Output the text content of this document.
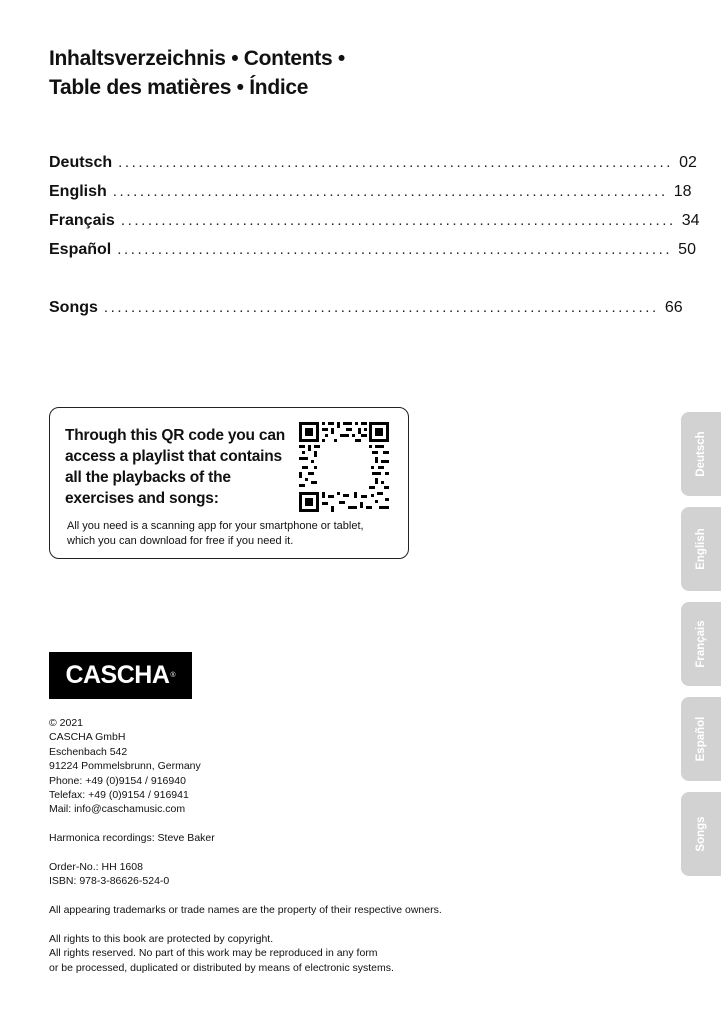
Inhaltsverzeichnis • Contents •
Table des matières • Índice
Deutsch .................................................................................. 02
English .................................................................................. 18
Français .................................................................................. 34
Español .................................................................................. 50
Songs .................................................................................. 66
Through this QR code you can access a playlist that contains all the playbacks of the exercises and songs:
All you need is a scanning app for your smartphone or tablet,
which you can download for free if you need it.
CASCHA ®
© 2021
CASCHA GmbH
Eschenbach 542
91224 Pommelsbrunn, Germany
Phone: +49 (0)9154 / 916940
Telefax: +49 (0)9154 / 916941
Mail: info@caschamusic.com
Harmonica recordings: Steve Baker
Order-No.: HH 1608
ISBN: 978-3-86626-524-0
All appearing trademarks or trade names are the property of their respective owners.
All rights to this book are protected by copyright.
All rights reserved. No part of this work may be reproduced in any form
or be processed, duplicated or distributed by means of electronic systems.
Deutsch
English
Français
Español
Songs
